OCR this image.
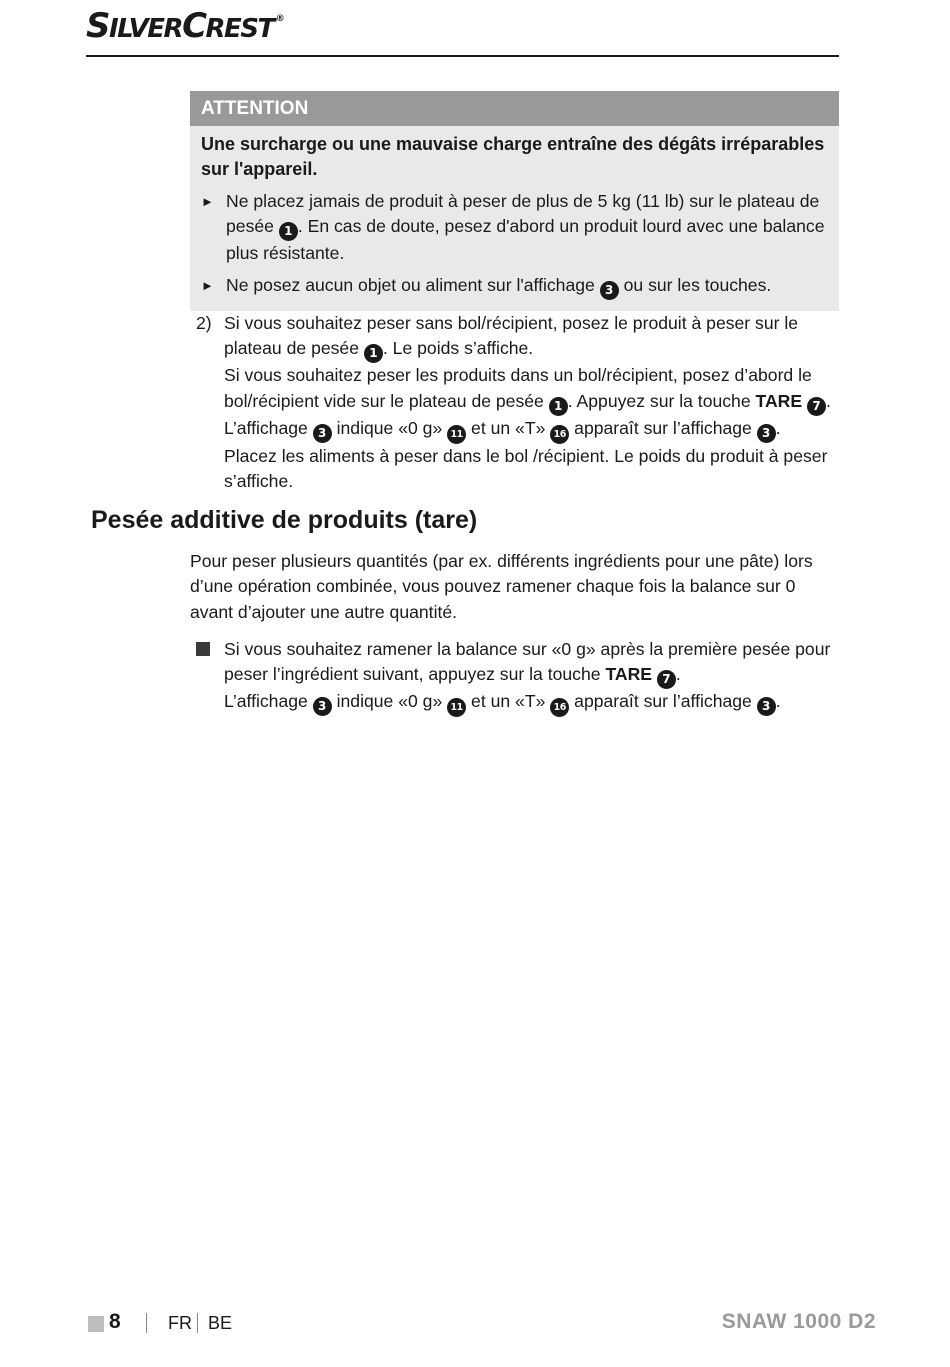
SILVERCREST ®
ATTENTION

Une surcharge ou une mauvaise charge entraîne des dégâts irréparables sur l'appareil.

► Ne placez jamais de produit à peser de plus de 5 kg (11 lb) sur le plateau de pesée 1 . En cas de doute, pesez d'abord un produit lourd avec une balance plus résistante.
► Ne posez aucun objet ou aliment sur l'affichage 3 ou sur les touches.
2) Si vous souhaitez peser sans bol/récipient, posez le produit à peser sur le plateau de pesée 1 . Le poids s’affiche.
Si vous souhaitez peser les produits dans un bol/récipient, posez d’abord le bol/récipient vide sur le plateau de pesée 1 . Appuyez sur la touche TARE 7 .
L’affichage 3 indique «0 g» 11 et un «T» 16 apparaît sur l’affichage 3 .
Placez les aliments à peser dans le bol /récipient. Le poids du produit à peser s’affiche.
Pesée additive de produits (tare)

Pour peser plusieurs quantités (par ex. différents ingrédients pour une pâte) lors d’une opération combinée, vous pouvez ramener chaque fois la balance sur 0 avant d’ajouter une autre quantité.

Si vous souhaitez ramener la balance sur «0 g» après la première pesée pour peser l’ingrédient suivant, appuyez sur la touche TARE 7 .
L’affichage 3 indique «0 g» 11 et un «T» 16 apparaît sur l’affichage 3 .
8	FR BE	SNAW 1000 D2
